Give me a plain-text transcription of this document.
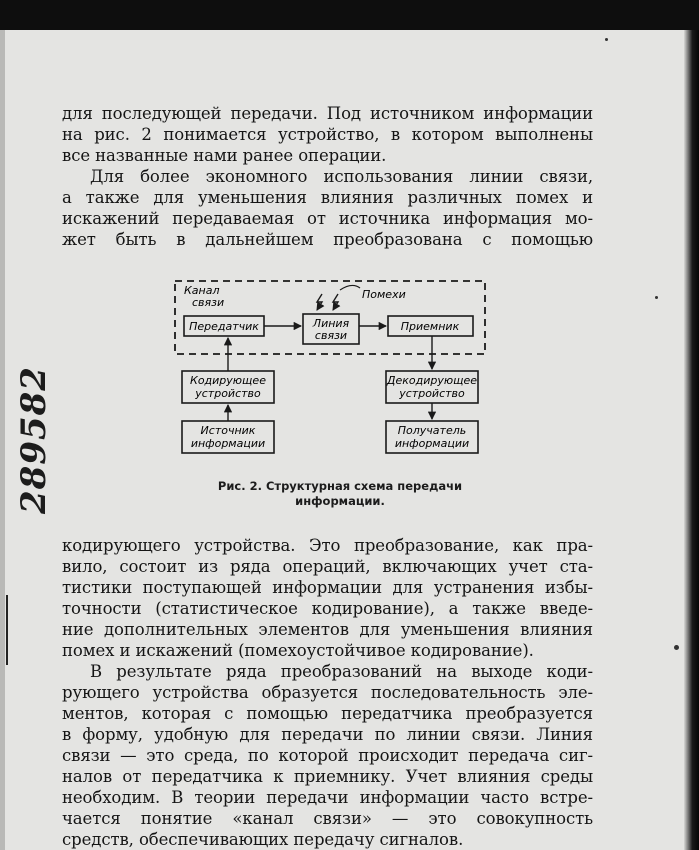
289582
для последующей передачи. Под источником информации
на рис. 2 понимается устройство, в котором выполнены
все названные нами ранее операции.
Для более экономного использования линии связи,
а также для уменьшения влияния различных помех и
искажений передаваемая от источника информация мо-
жет быть в дальнейшем преобразована с помощью
Канал
связи
Помехи
Передатчик	Линия
связи
Приемник
Кодирующее
устройство
Декодирующее
устройство
Источник
информации
Получатель
информации
Рис. 2. Структурная схема передачи
информации.
кодирующего устройства. Это преобразование, как пра-
вило, состоит из ряда операций, включающих учет ста-
тистики поступающей информации для устранения избы-
точности (статистическое кодирование), а также введе-
ние дополнительных элементов для уменьшения влияния
помех и искажений (помехоустойчивое кодирование).
В результате ряда преобразований на выходе коди-
рующего устройства образуется последовательность эле-
ментов, которая с помощью передатчика преобразуется
в форму, удобную для передачи по линии связи. Линия
связи — это среда, по которой происходит передача сиг-
налов от передатчика к приемнику. Учет влияния среды
необходим. В теории передачи информации часто встре-
чается понятие «канал связи» — это совокупность
средств, обеспечивающих передачу сигналов.
